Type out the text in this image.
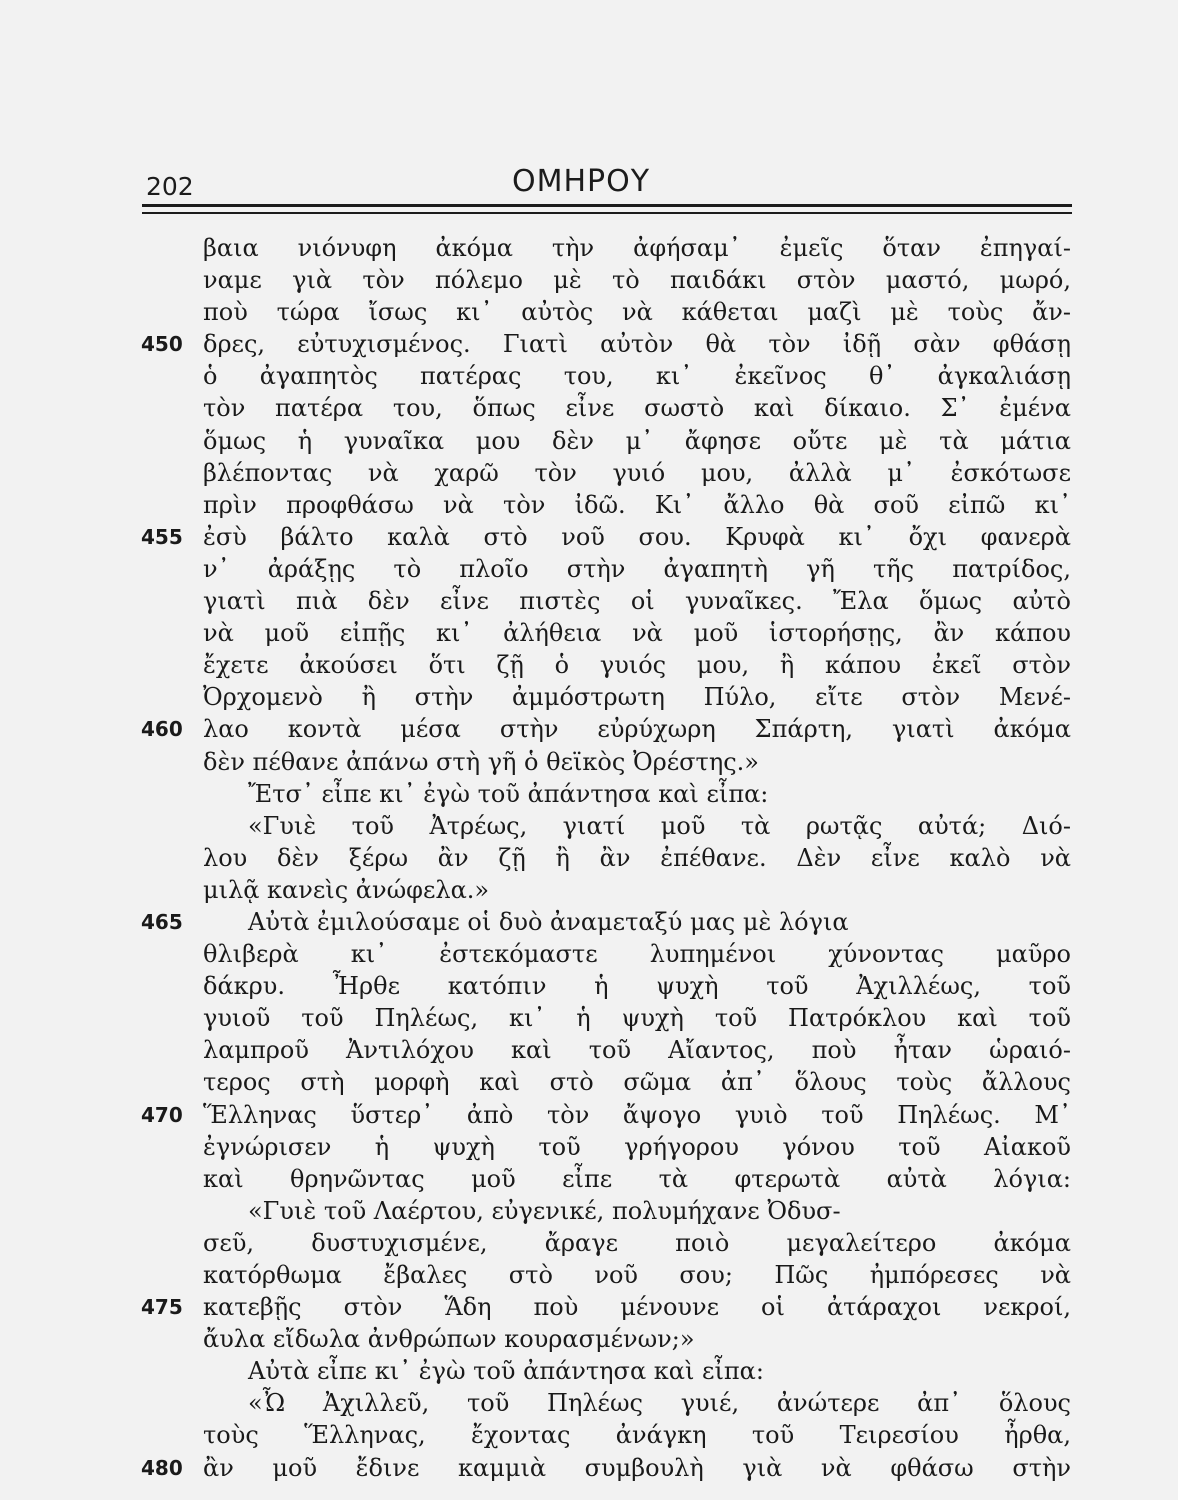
202	ΟΜΗΡΟΥ
βαια νιόνυφη ἀκόμα τὴν ἀφήσαμ᾽ ἐμεῖς ὅταν ἐπηγαί-
ναμε γιὰ τὸν πόλεμο μὲ τὸ παιδάκι στὸν μαστό, μωρό,
ποὺ τώρα ἴσως κι᾽ αὐτὸς νὰ κάθεται μαζὶ μὲ τοὺς ἄν-
δρες, εὐτυχισμένος. Γιατὶ αὐτὸν θὰ τὸν ἰδῇ σὰν φθάσῃ
450
ὁ ἀγαπητὸς πατέρας του, κι᾽ ἐκεῖνος θ᾽ ἀγκαλιάσῃ
τὸν πατέρα του, ὅπως εἶνε σωστὸ καὶ δίκαιο. Σ᾽ ἐμένα
ὅμως ἡ γυναῖκα μου δὲν μ᾽ ἄφησε οὔτε μὲ τὰ μάτια
βλέποντας νὰ χαρῶ τὸν γυιό μου, ἀλλὰ μ᾽ ἐσκότωσε
πρὶν προφθάσω νὰ τὸν ἰδῶ. Κι᾽ ἄλλο θὰ σοῦ εἰπῶ κι᾽
ἐσὺ βάλτο καλὰ στὸ νοῦ σου. Κρυφὰ κι᾽ ὄχι φανερὰ
455
ν᾽ ἀράξῃς τὸ πλοῖο στὴν ἀγαπητὴ γῆ τῆς πατρίδος,
γιατὶ πιὰ δὲν εἶνε πιστὲς οἱ γυναῖκες. Ἔλα ὅμως αὐτὸ
νὰ μοῦ εἰπῇς κι᾽ ἀλήθεια νὰ μοῦ ἱστορήσῃς, ἂν κάπου
ἔχετε ἀκούσει ὅτι ζῇ ὁ γυιός μου, ἢ κάπου ἐκεῖ στὸν
Ὀρχομενὸ ἢ στὴν ἀμμόστρωτη Πύλο, εἴτε στὸν Μενέ-
λαο κοντὰ μέσα στὴν εὐρύχωρη Σπάρτη, γιατὶ ἀκόμα
460
δὲν πέθανε ἀπάνω στὴ γῆ ὁ θεϊκὸς Ὀρέστης.»
Ἔτσ᾽ εἶπε κι᾽ ἐγὼ τοῦ ἀπάντησα καὶ εἶπα:
«Γυιὲ τοῦ Ἀτρέως, γιατί μοῦ τὰ ρωτᾷς αὐτά; Διό-
λου δὲν ξέρω ἂν ζῇ ἢ ἂν ἐπέθανε. Δὲν εἶνε καλὸ νὰ
μιλᾷ κανεὶς ἀνώφελα.»
Αὐτὰ ἐμιλούσαμε οἱ δυὸ ἀναμεταξύ μας μὲ λόγια
465
θλιβερὰ κι᾽ ἐστεκόμαστε λυπημένοι χύνοντας μαῦρο
δάκρυ. Ἦρθε κατόπιν ἡ ψυχὴ τοῦ Ἀχιλλέως, τοῦ
γυιοῦ τοῦ Πηλέως, κι᾽ ἡ ψυχὴ τοῦ Πατρόκλου καὶ τοῦ
λαμπροῦ Ἀντιλόχου καὶ τοῦ Αἴαντος, ποὺ ἦταν ὡραιό-
τερος στὴ μορφὴ καὶ στὸ σῶμα ἀπ᾽ ὅλους τοὺς ἄλλους
Ἕλληνας ὕστερ᾽ ἀπὸ τὸν ἄψογο γυιὸ τοῦ Πηλέως. Μ᾽
470
ἐγνώρισεν ἡ ψυχὴ τοῦ γρήγορου γόνου τοῦ Αἰακοῦ
καὶ θρηνῶντας μοῦ εἶπε τὰ φτερωτὰ αὐτὰ λόγια:
«Γυιὲ τοῦ Λαέρτου, εὐγενικέ, πολυμήχανε Ὀδυσ-
σεῦ, δυστυχισμένε, ἄραγε ποιὸ μεγαλείτερο ἀκόμα
κατόρθωμα ἔβαλες στὸ νοῦ σου; Πῶς ἠμπόρεσες νὰ
κατεβῇς στὸν Ἅδη ποὺ μένουνε οἱ ἀτάραχοι νεκροί,
475
ἄυλα εἴδωλα ἀνθρώπων κουρασμένων;»
Αὐτὰ εἶπε κι᾽ ἐγὼ τοῦ ἀπάντησα καὶ εἶπα:
«Ὦ Ἀχιλλεῦ, τοῦ Πηλέως γυιέ, ἀνώτερε ἀπ᾽ ὅλους
τοὺς Ἕλληνας, ἔχοντας ἀνάγκη τοῦ Τειρεσίου ἦρθα,
ἂν μοῦ ἔδινε καμμιὰ συμβουλὴ γιὰ νὰ φθάσω στὴν
480
